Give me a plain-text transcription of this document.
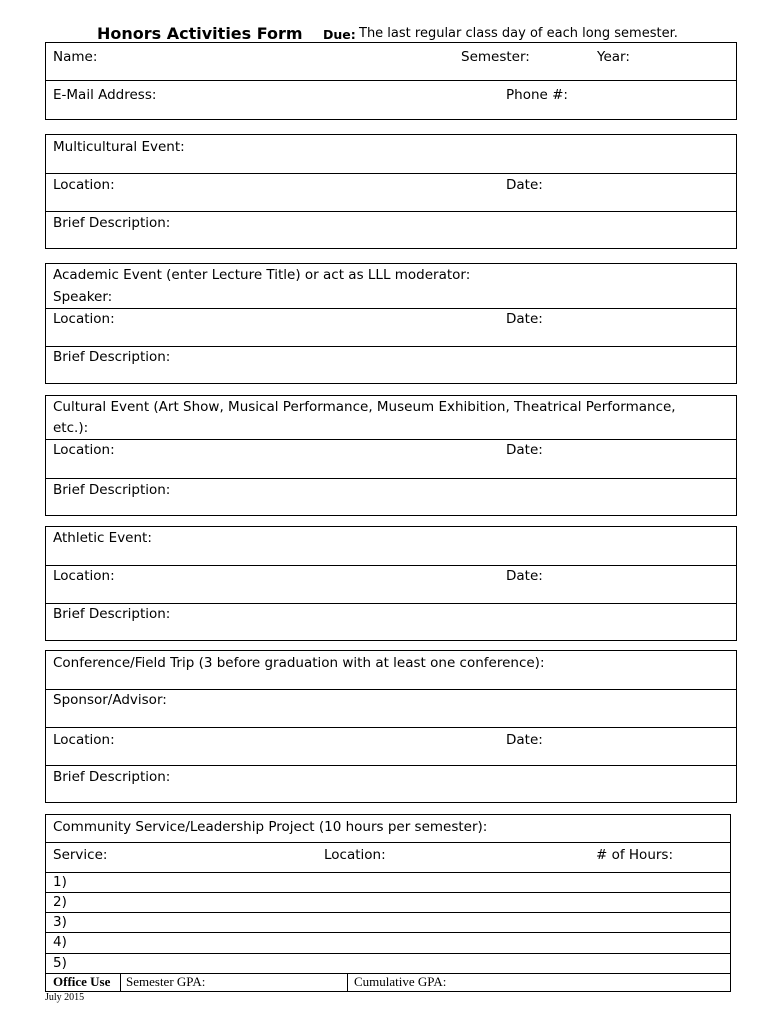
Honors Activities Form Due: The last regular class day of each long semester.
Name:	Semester:	Year:
E-Mail Address:	Phone #:
Multicultural Event:
Location:	Date:
Brief Description:
Academic Event (enter Lecture Title) or act as LLL moderator:
Speaker:
Location:	Date:
Brief Description:
Cultural Event (Art Show, Musical Performance, Museum Exhibition, Theatrical Performance,
etc.):
Location:	Date:
Brief Description:
Athletic Event:
Location:	Date:
Brief Description:
Conference/Field Trip (3 before graduation with at least one conference):
Sponsor/Advisor:
Location:	Date:
Brief Description:
Community Service/Leadership Project (10 hours per semester):
Service:	Location:	# of Hours:
1)
2)
3)
4)
5)
Office Use Semester GPA:	Cumulative GPA:
July 2015
